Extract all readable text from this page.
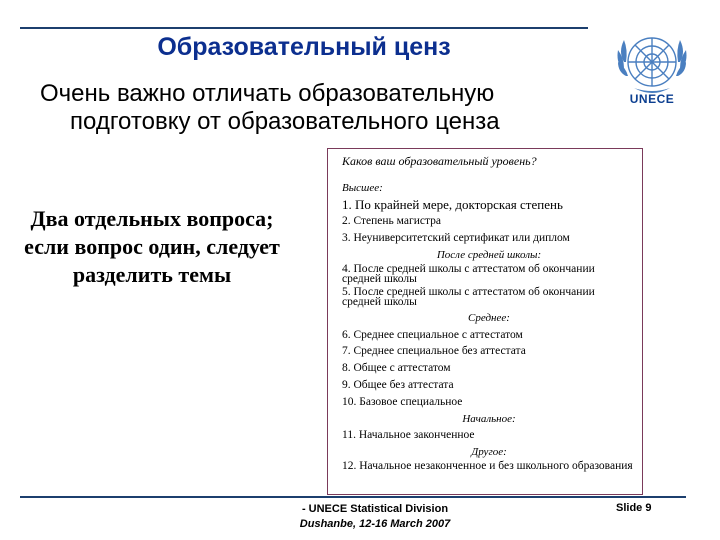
Образовательный ценз
Очень важно отличать образовательную
подготовку от образовательного ценза
UNECE
Два отдельных вопроса; если вопрос один, следует разделить темы
Каков ваш образовательный уровень?
Высшее:
1. По крайней мере, докторская степень
2. Степень магистра
3. Неуниверситетский сертификат или диплом
После средней школы:
4. После средней школы с аттестатом об окончании средней школы
5. После средней школы с аттестатом об окончании средней школы
Среднее:
6. Среднее специальное с аттестатом
7. Среднее специальное без аттестата
8. Общее с аттестатом
9. Общее без аттестата
10. Базовое специальное
Начальное:
11. Начальное законченное
Другое:
12. Начальное незаконченное и без школьного образования
- UNECE Statistical Division
Dushanbe, 12-16 March 2007
Slide 9
